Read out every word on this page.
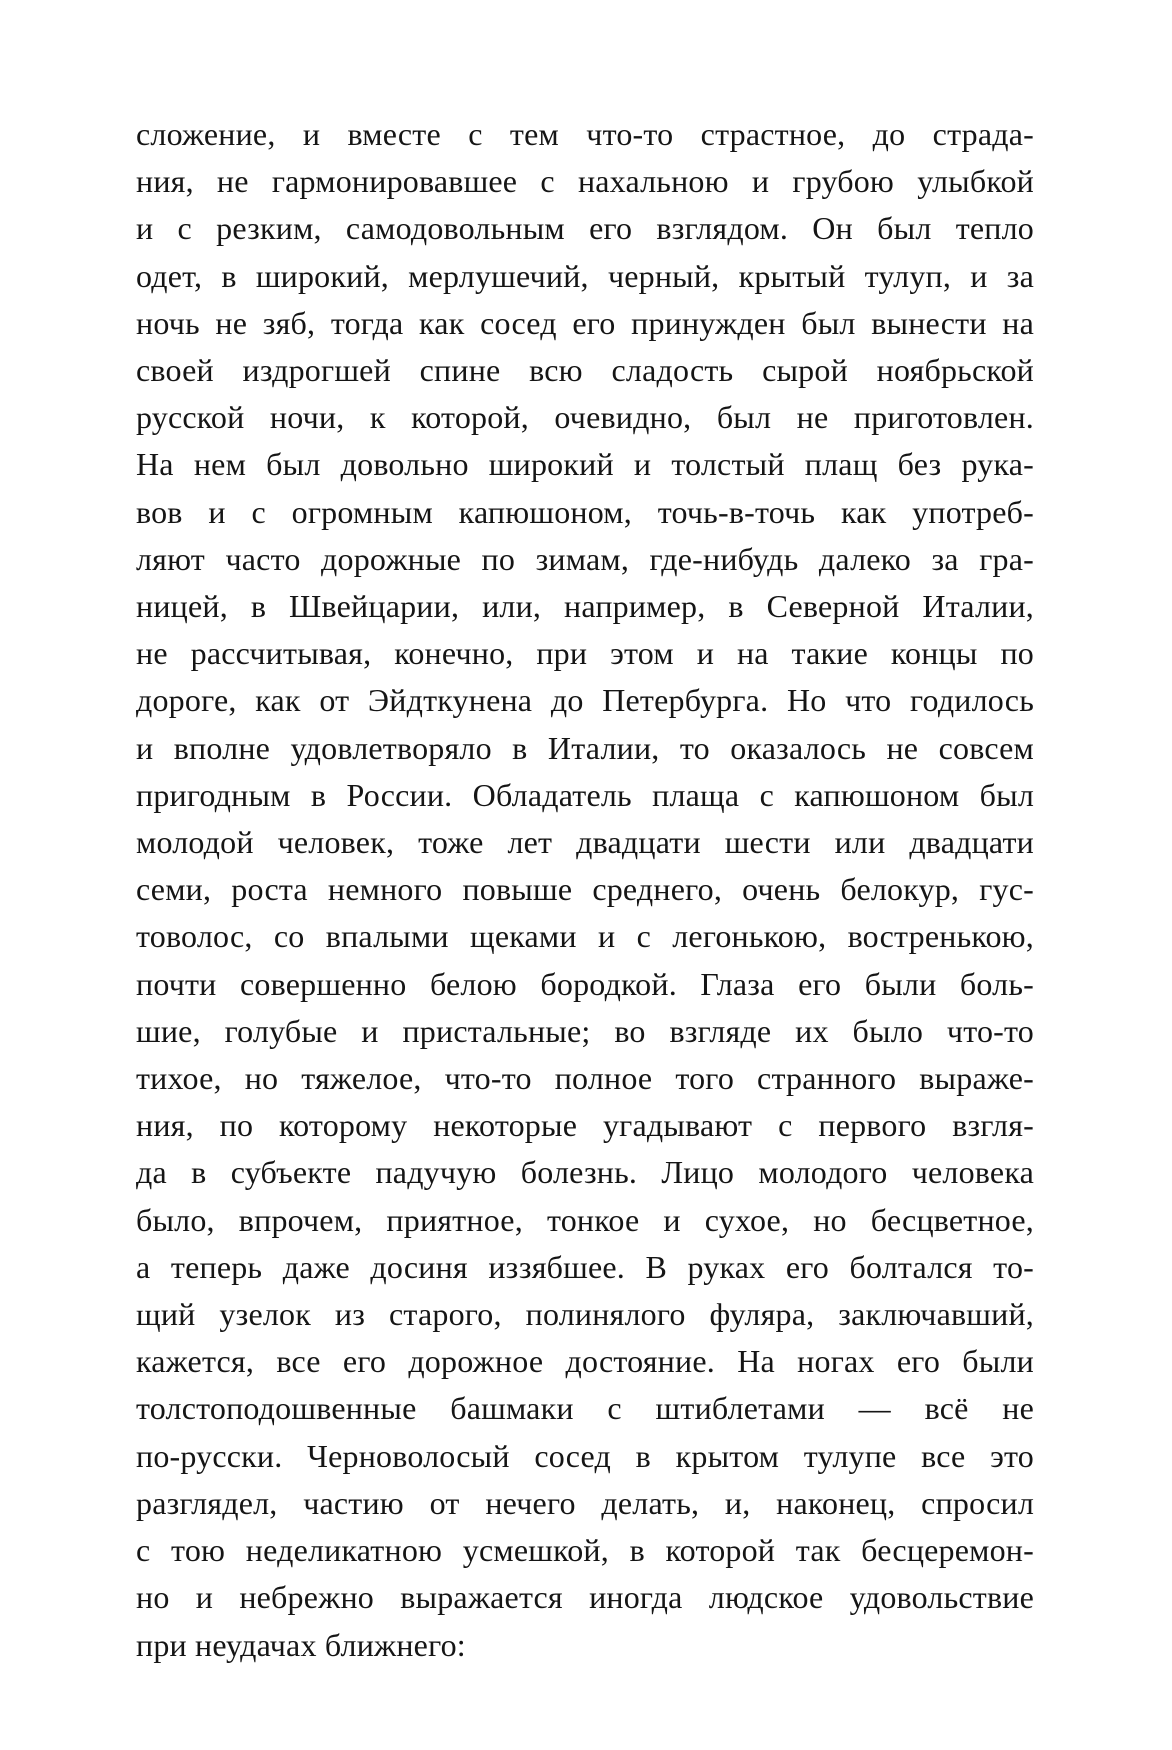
сложение, и вместе с тем что-то страстное, до страда-
ния, не гармонировавшее с нахальною и грубою улыбкой
и с резким, самодовольным его взглядом. Он был тепло
одет, в широкий, мерлушечий, черный, крытый тулуп, и за
ночь не зяб, тогда как сосед его принужден был вынести на
своей издрогшей спине всю сладость сырой ноябрьской
русской ночи, к которой, очевидно, был не приготовлен.
На нем был довольно широкий и толстый плащ без рука-
вов и с огромным капюшоном, точь-в-точь как употреб-
ляют часто дорожные по зимам, где-нибудь далеко за гра-
ницей, в Швейцарии, или, например, в Северной Италии,
не рассчитывая, конечно, при этом и на такие концы по
дороге, как от Эйдткунена до Петербурга. Но что годилось
и вполне удовлетворяло в Италии, то оказалось не совсем
пригодным в России. Обладатель плаща с капюшоном был
молодой человек, тоже лет двадцати шести или двадцати
семи, роста немного повыше среднего, очень белокур, гус-
товолос, со впалыми щеками и с легонькою, востренькою,
почти совершенно белою бородкой. Глаза его были боль-
шие, голубые и пристальные; во взгляде их было что-то
тихое, но тяжелое, что-то полное того странного выраже-
ния, по которому некоторые угадывают с первого взгля-
да в субъекте падучую болезнь. Лицо молодого человека
было, впрочем, приятное, тонкое и сухое, но бесцветное,
а теперь даже досиня иззябшее. В руках его болтался то-
щий узелок из старого, полинялого фуляра, заключавший,
кажется, все его дорожное достояние. На ногах его были
толстоподошвенные башмаки с штиблетами — всё не
по-русски. Черноволосый сосед в крытом тулупе все это
разглядел, частию от нечего делать, и, наконец, спросил
с тою неделикатною усмешкой, в которой так бесцеремон-
но и небрежно выражается иногда людское удовольствие
при неудачах ближнего:
